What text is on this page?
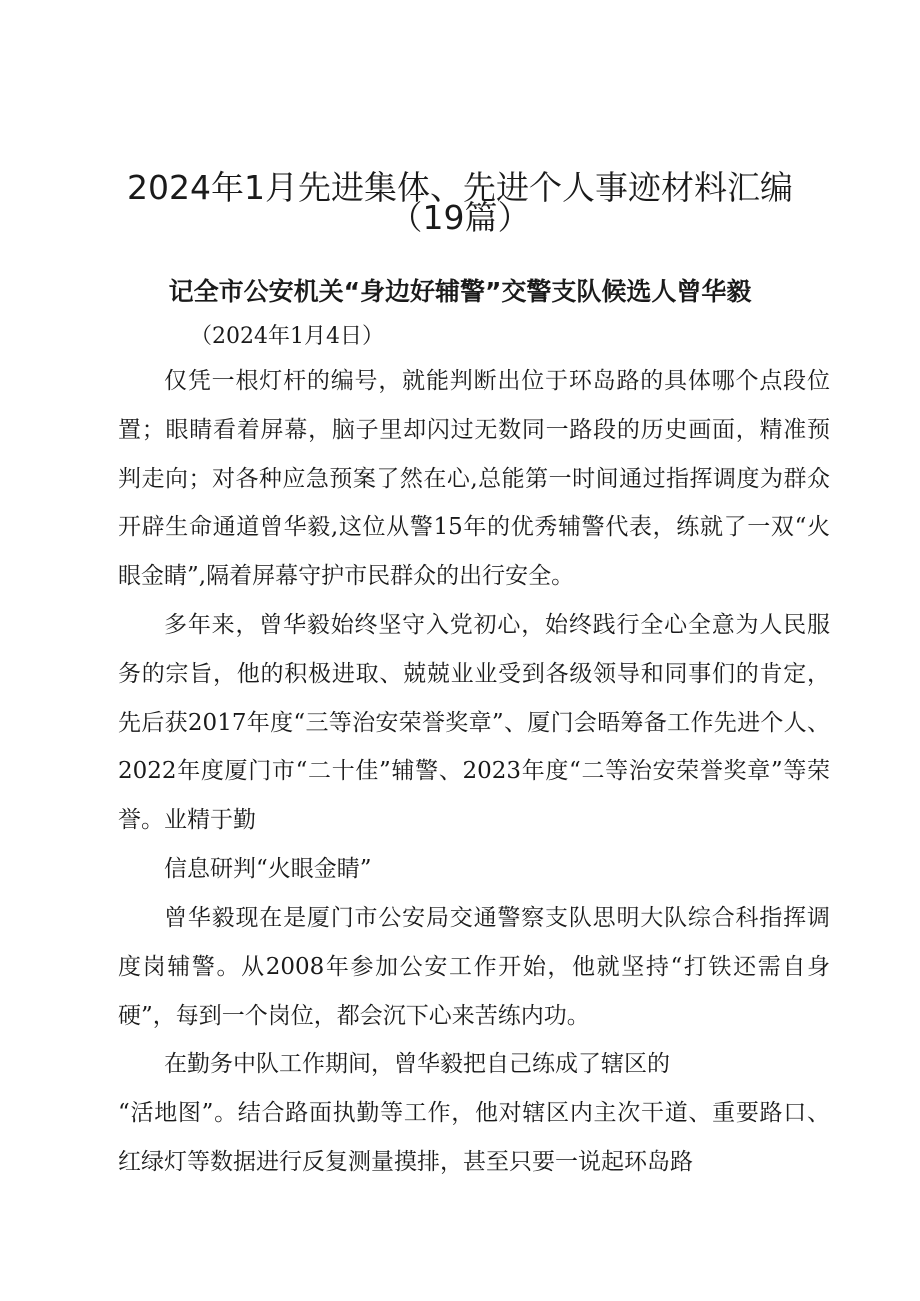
2024年1月先进集体、先进个人事迹材料汇编
（19篇）
记全市公安机关“身边好辅警”交警支队候选人曾华毅

（2024年1月4日）

仅凭一根灯杆的编号，就能判断出位于环岛路的具体哪个点段位置；眼睛看着屏幕，脑子里却闪过无数同一路段的历史画面，精准预判走向；对各种应急预案了然在心,总能第一时间通过指挥调度为群众开辟生命通道曾华毅,这位从警15年的优秀辅警代表，练就了一双“火眼金睛”,隔着屏幕守护市民群众的出行安全。

多年来，曾华毅始终坚守入党初心，始终践行全心全意为人民服务的宗旨，他的积极进取、兢兢业业受到各级领导和同事们的肯定，先后获2017年度“三等治安荣誉奖章”、厦门会晤筹备工作先进个人、2022年度厦门市“二十佳”辅警、2023年度“二等治安荣誉奖章”等荣誉。 业精于勤

信息研判“火眼金睛”

曾华毅现在是厦门市公安局交通警察支队思明大队综合科指挥调度岗辅警。从2008年参加公安工作开始，他就坚持“打铁还需自身硬”，每到一个岗位，都会沉下心来苦练内功。

在勤务中队工作期间，曾华毅把自己练成了辖区的

“活地图”。结合路面执勤等工作，他对辖区内主次干道、重要路口、红绿灯等数据进行反复测量摸排，甚至只要一说起环岛路
